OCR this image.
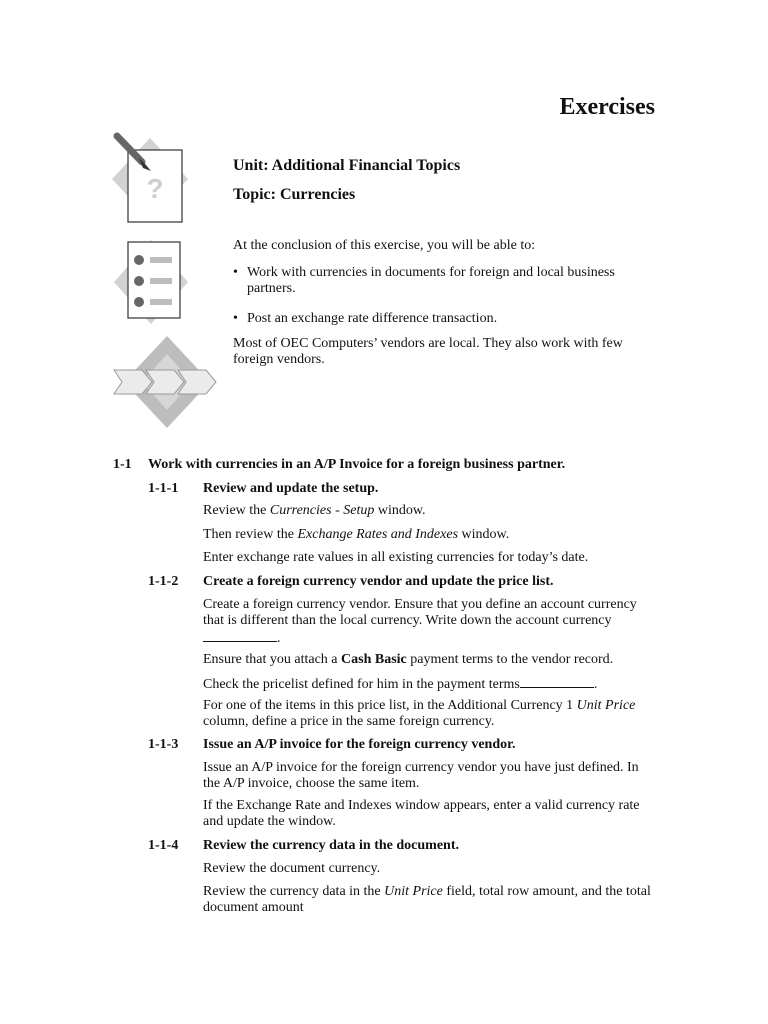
Exercises
?
Unit: Additional Financial Topics
Topic: Currencies
At the conclusion of this exercise, you will be able to:
• Work with currencies in documents for foreign and local business partners.
• Post an exchange rate difference transaction.
Most of OEC Computers’ vendors are local. They also work with few foreign vendors.
1-1 Work with currencies in an A/P Invoice for a foreign business partner.
1-1-1 Review and update the setup.
Review the Currencies - Setup window.
Then review the Exchange Rates and Indexes window.
Enter exchange rate values in all existing currencies for today’s date.
1-1-2 Create a foreign currency vendor and update the price list.
Create a foreign currency vendor. Ensure that you define an account currency that is different than the local currency. Write down the account currency.
Ensure that you attach a Cash Basic payment terms to the vendor record.
Check the pricelist defined for him in the payment terms	.
For one of the items in this price list, in the Additional Currency 1 Unit Price column, define a price in the same foreign currency.
1-1-3 Issue an A/P invoice for the foreign currency vendor.
Issue an A/P invoice for the foreign currency vendor you have just defined. In the A/P invoice, choose the same item.
If the Exchange Rate and Indexes window appears, enter a valid currency rate and update the window.
1-1-4 Review the currency data in the document.
Review the document currency.
Review the currency data in the Unit Price field, total row amount, and the total document amount
